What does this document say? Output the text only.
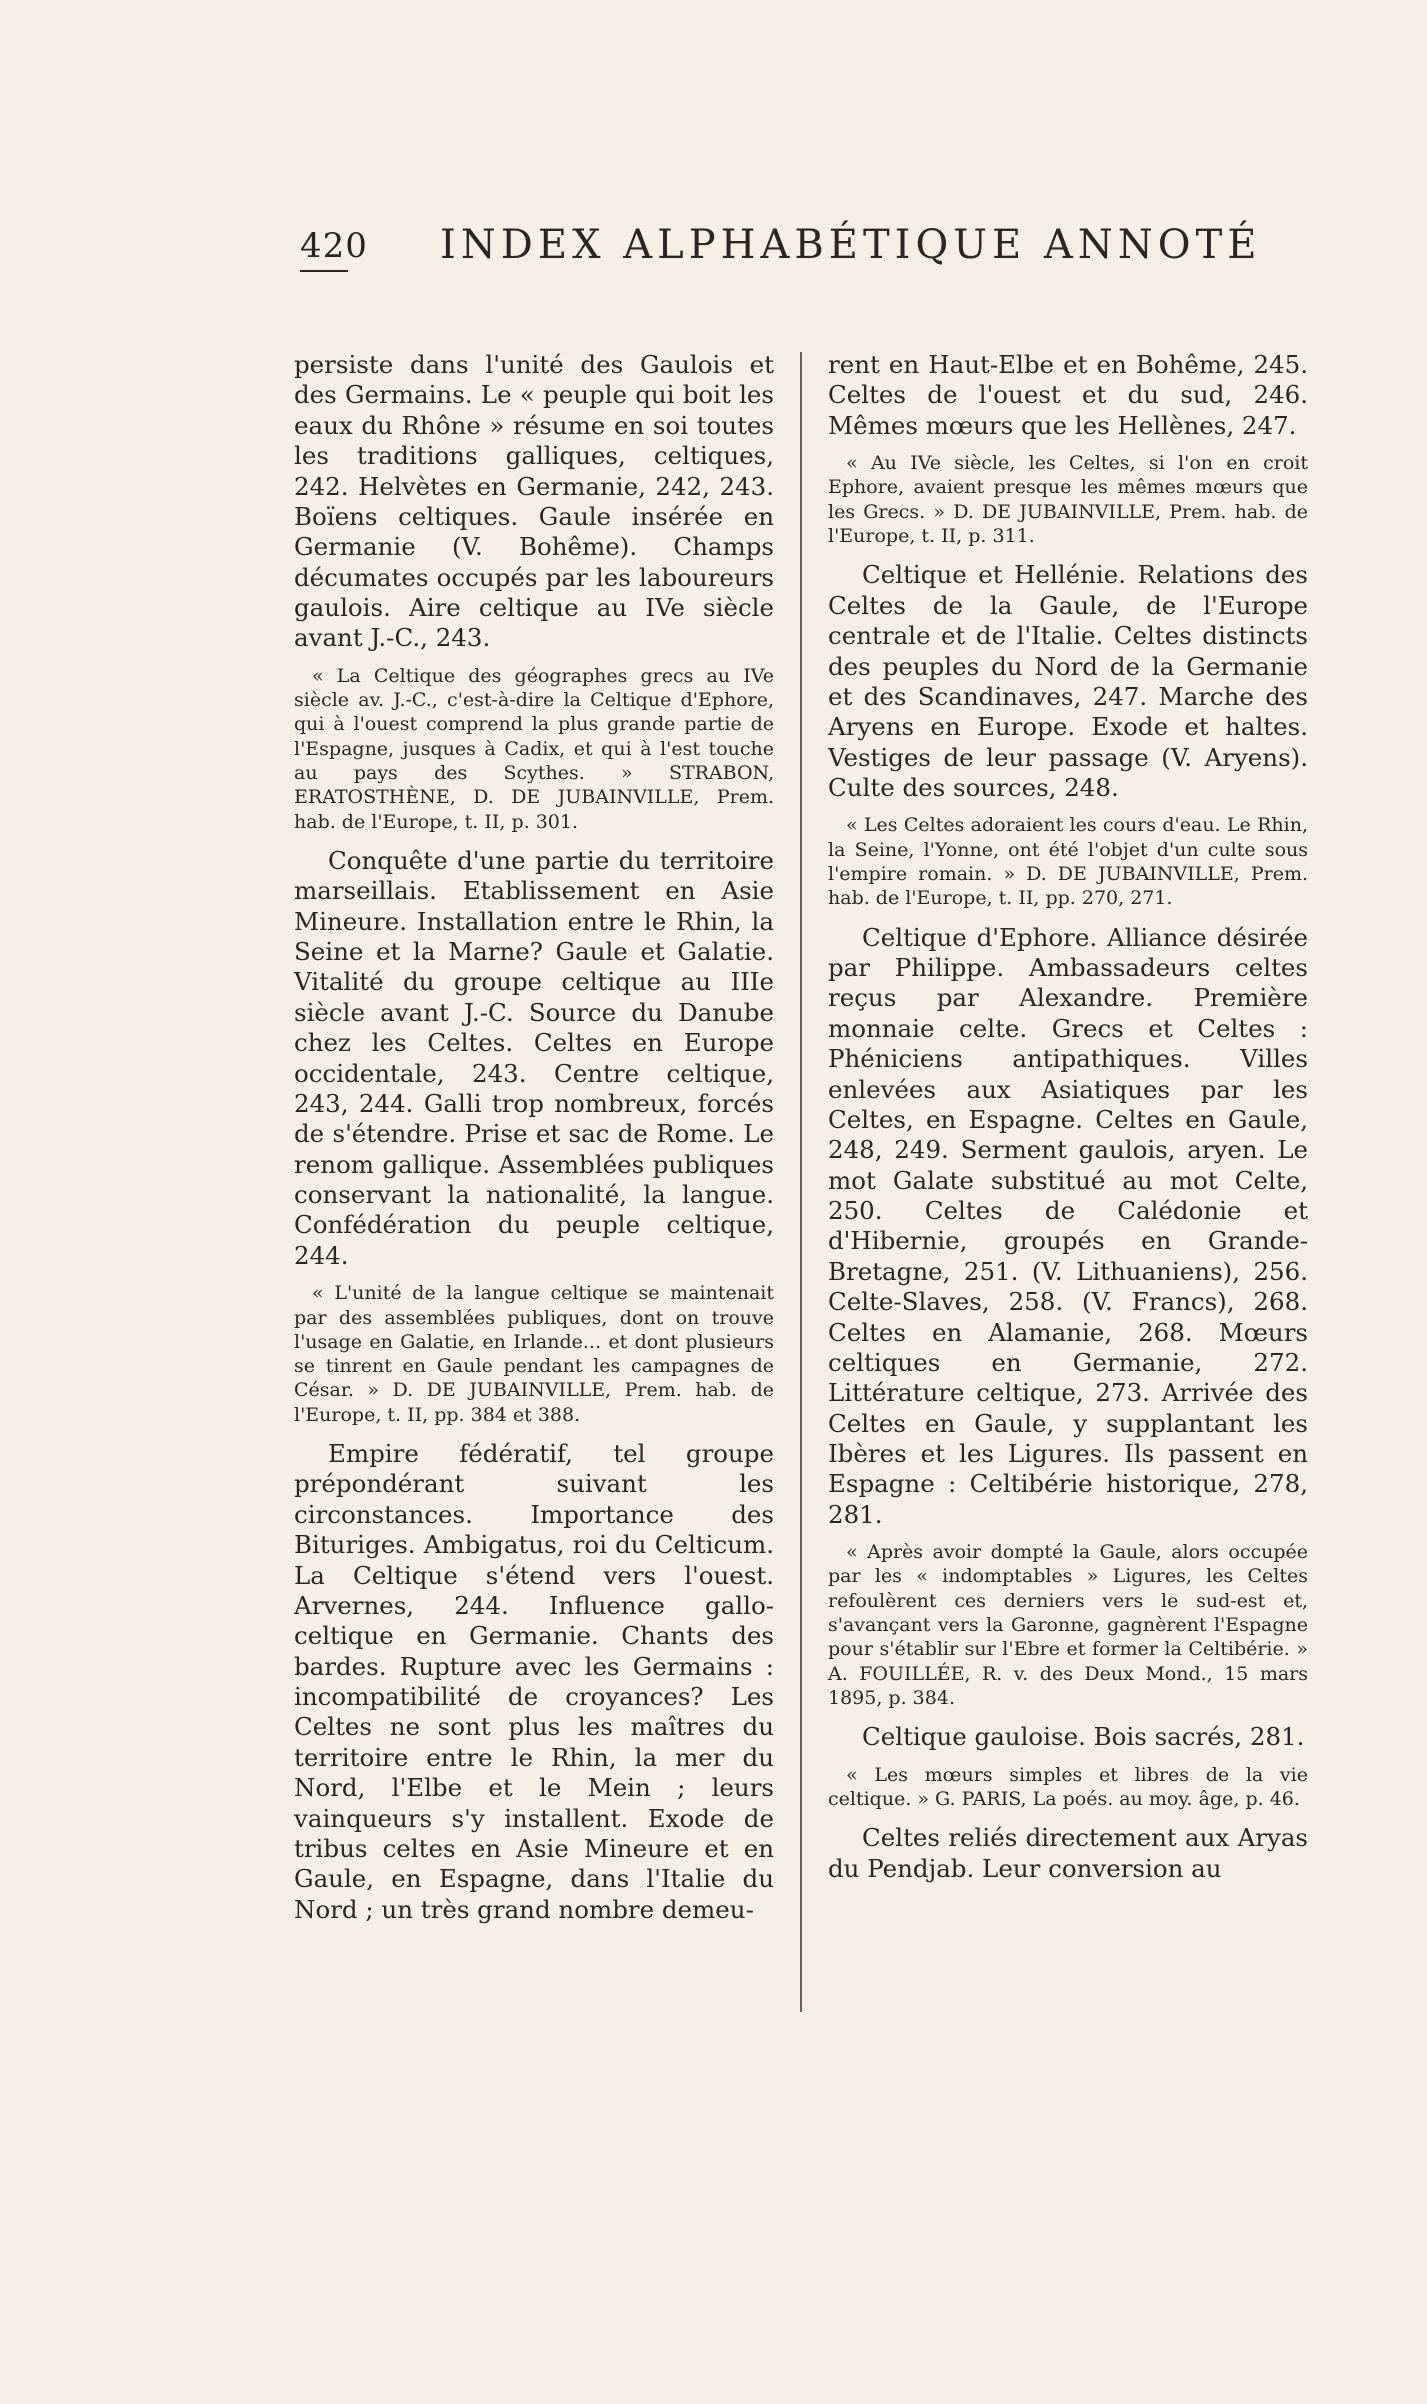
420 INDEX ALPHABÉTIQUE ANNOTÉ

persiste dans l'unité des Gaulois et des Germains. Le « peuple qui boit les eaux du Rhône » résume en soi toutes les traditions galliques, celtiques, 242. Helvètes en Germanie, 242, 243. Boïens celtiques. Gaule insérée en Germanie (V. Bohême). Champs décumates occupés par les laboureurs gaulois. Aire celtique au IVe siècle avant J.-C., 243.

« La Celtique des géographes grecs au IVe siècle av. J.-C., c'est-à-dire la Celtique d'Ephore, qui à l'ouest comprend la plus grande partie de l'Espagne, jusques à Cadix, et qui à l'est touche au pays des Scythes. » STRABON, ERATOSTHÈNE, D. DE JUBAINVILLE, Prem. hab. de l'Europe, t. II, p. 301.

Conquête d'une partie du territoire marseillais. Etablissement en Asie Mineure. Installation entre le Rhin, la Seine et la Marne? Gaule et Galatie. Vitalité du groupe celtique au IIIe siècle avant J.-C. Source du Danube chez les Celtes. Celtes en Europe occidentale, 243. Centre celtique, 243, 244. Galli trop nombreux, forcés de s'étendre. Prise et sac de Rome. Le renom gallique. Assemblées publiques conservant la nationalité, la langue. Confédération du peuple celtique, 244.

« L'unité de la langue celtique se maintenait par des assemblées publiques, dont on trouve l'usage en Galatie, en Irlande... et dont plusieurs se tinrent en Gaule pendant les campagnes de César. » D. DE JUBAINVILLE, Prem. hab. de l'Europe, t. II, pp. 384 et 388.

Empire fédératif, tel groupe prépondérant suivant les circonstances. Importance des Bituriges. Ambigatus, roi du Celticum. La Celtique s'étend vers l'ouest. Arvernes, 244. Influence gallo-celtique en Germanie. Chants des bardes. Rupture avec les Germains : incompatibilité de croyances? Les Celtes ne sont plus les maîtres du territoire entre le Rhin, la mer du Nord, l'Elbe et le Mein ; leurs vainqueurs s'y installent. Exode de tribus celtes en Asie Mineure et en Gaule, en Espagne, dans l'Italie du Nord ; un très grand nombre demeu-

rent en Haut-Elbe et en Bohême, 245. Celtes de l'ouest et du sud, 246. Mêmes mœurs que les Hellènes, 247.

« Au IVe siècle, les Celtes, si l'on en croit Ephore, avaient presque les mêmes mœurs que les Grecs. » D. DE JUBAINVILLE, Prem. hab. de l'Europe, t. II, p. 311.

Celtique et Hellénie. Relations des Celtes de la Gaule, de l'Europe centrale et de l'Italie. Celtes distincts des peuples du Nord de la Germanie et des Scandinaves, 247. Marche des Aryens en Europe. Exode et haltes. Vestiges de leur passage (V. Aryens). Culte des sources, 248.

« Les Celtes adoraient les cours d'eau. Le Rhin, la Seine, l'Yonne, ont été l'objet d'un culte sous l'empire romain. » D. DE JUBAINVILLE, Prem. hab. de l'Europe, t. II, pp. 270, 271.

Celtique d'Ephore. Alliance désirée par Philippe. Ambassadeurs celtes reçus par Alexandre. Première monnaie celte. Grecs et Celtes : Phéniciens antipathiques. Villes enlevées aux Asiatiques par les Celtes, en Espagne. Celtes en Gaule, 248, 249. Serment gaulois, aryen. Le mot Galate substitué au mot Celte, 250. Celtes de Calédonie et d'Hibernie, groupés en Grande-Bretagne, 251. (V. Lithuaniens), 256. Celte-Slaves, 258. (V. Francs), 268. Celtes en Alamanie, 268. Mœurs celtiques en Germanie, 272. Littérature celtique, 273. Arrivée des Celtes en Gaule, y supplantant les Ibères et les Ligures. Ils passent en Espagne : Celtibérie historique, 278, 281.

« Après avoir dompté la Gaule, alors occupée par les « indomptables » Ligures, les Celtes refoulèrent ces derniers vers le sud-est et, s'avançant vers la Garonne, gagnèrent l'Espagne pour s'établir sur l'Ebre et former la Celtibérie. » A. FOUILLÉE, R. v. des Deux Mond., 15 mars 1895, p. 384.

Celtique gauloise. Bois sacrés, 281.

« Les mœurs simples et libres de la vie celtique. » G. PARIS, La poés. au moy. âge, p. 46.

Celtes reliés directement aux Aryas du Pendjab. Leur conversion au
